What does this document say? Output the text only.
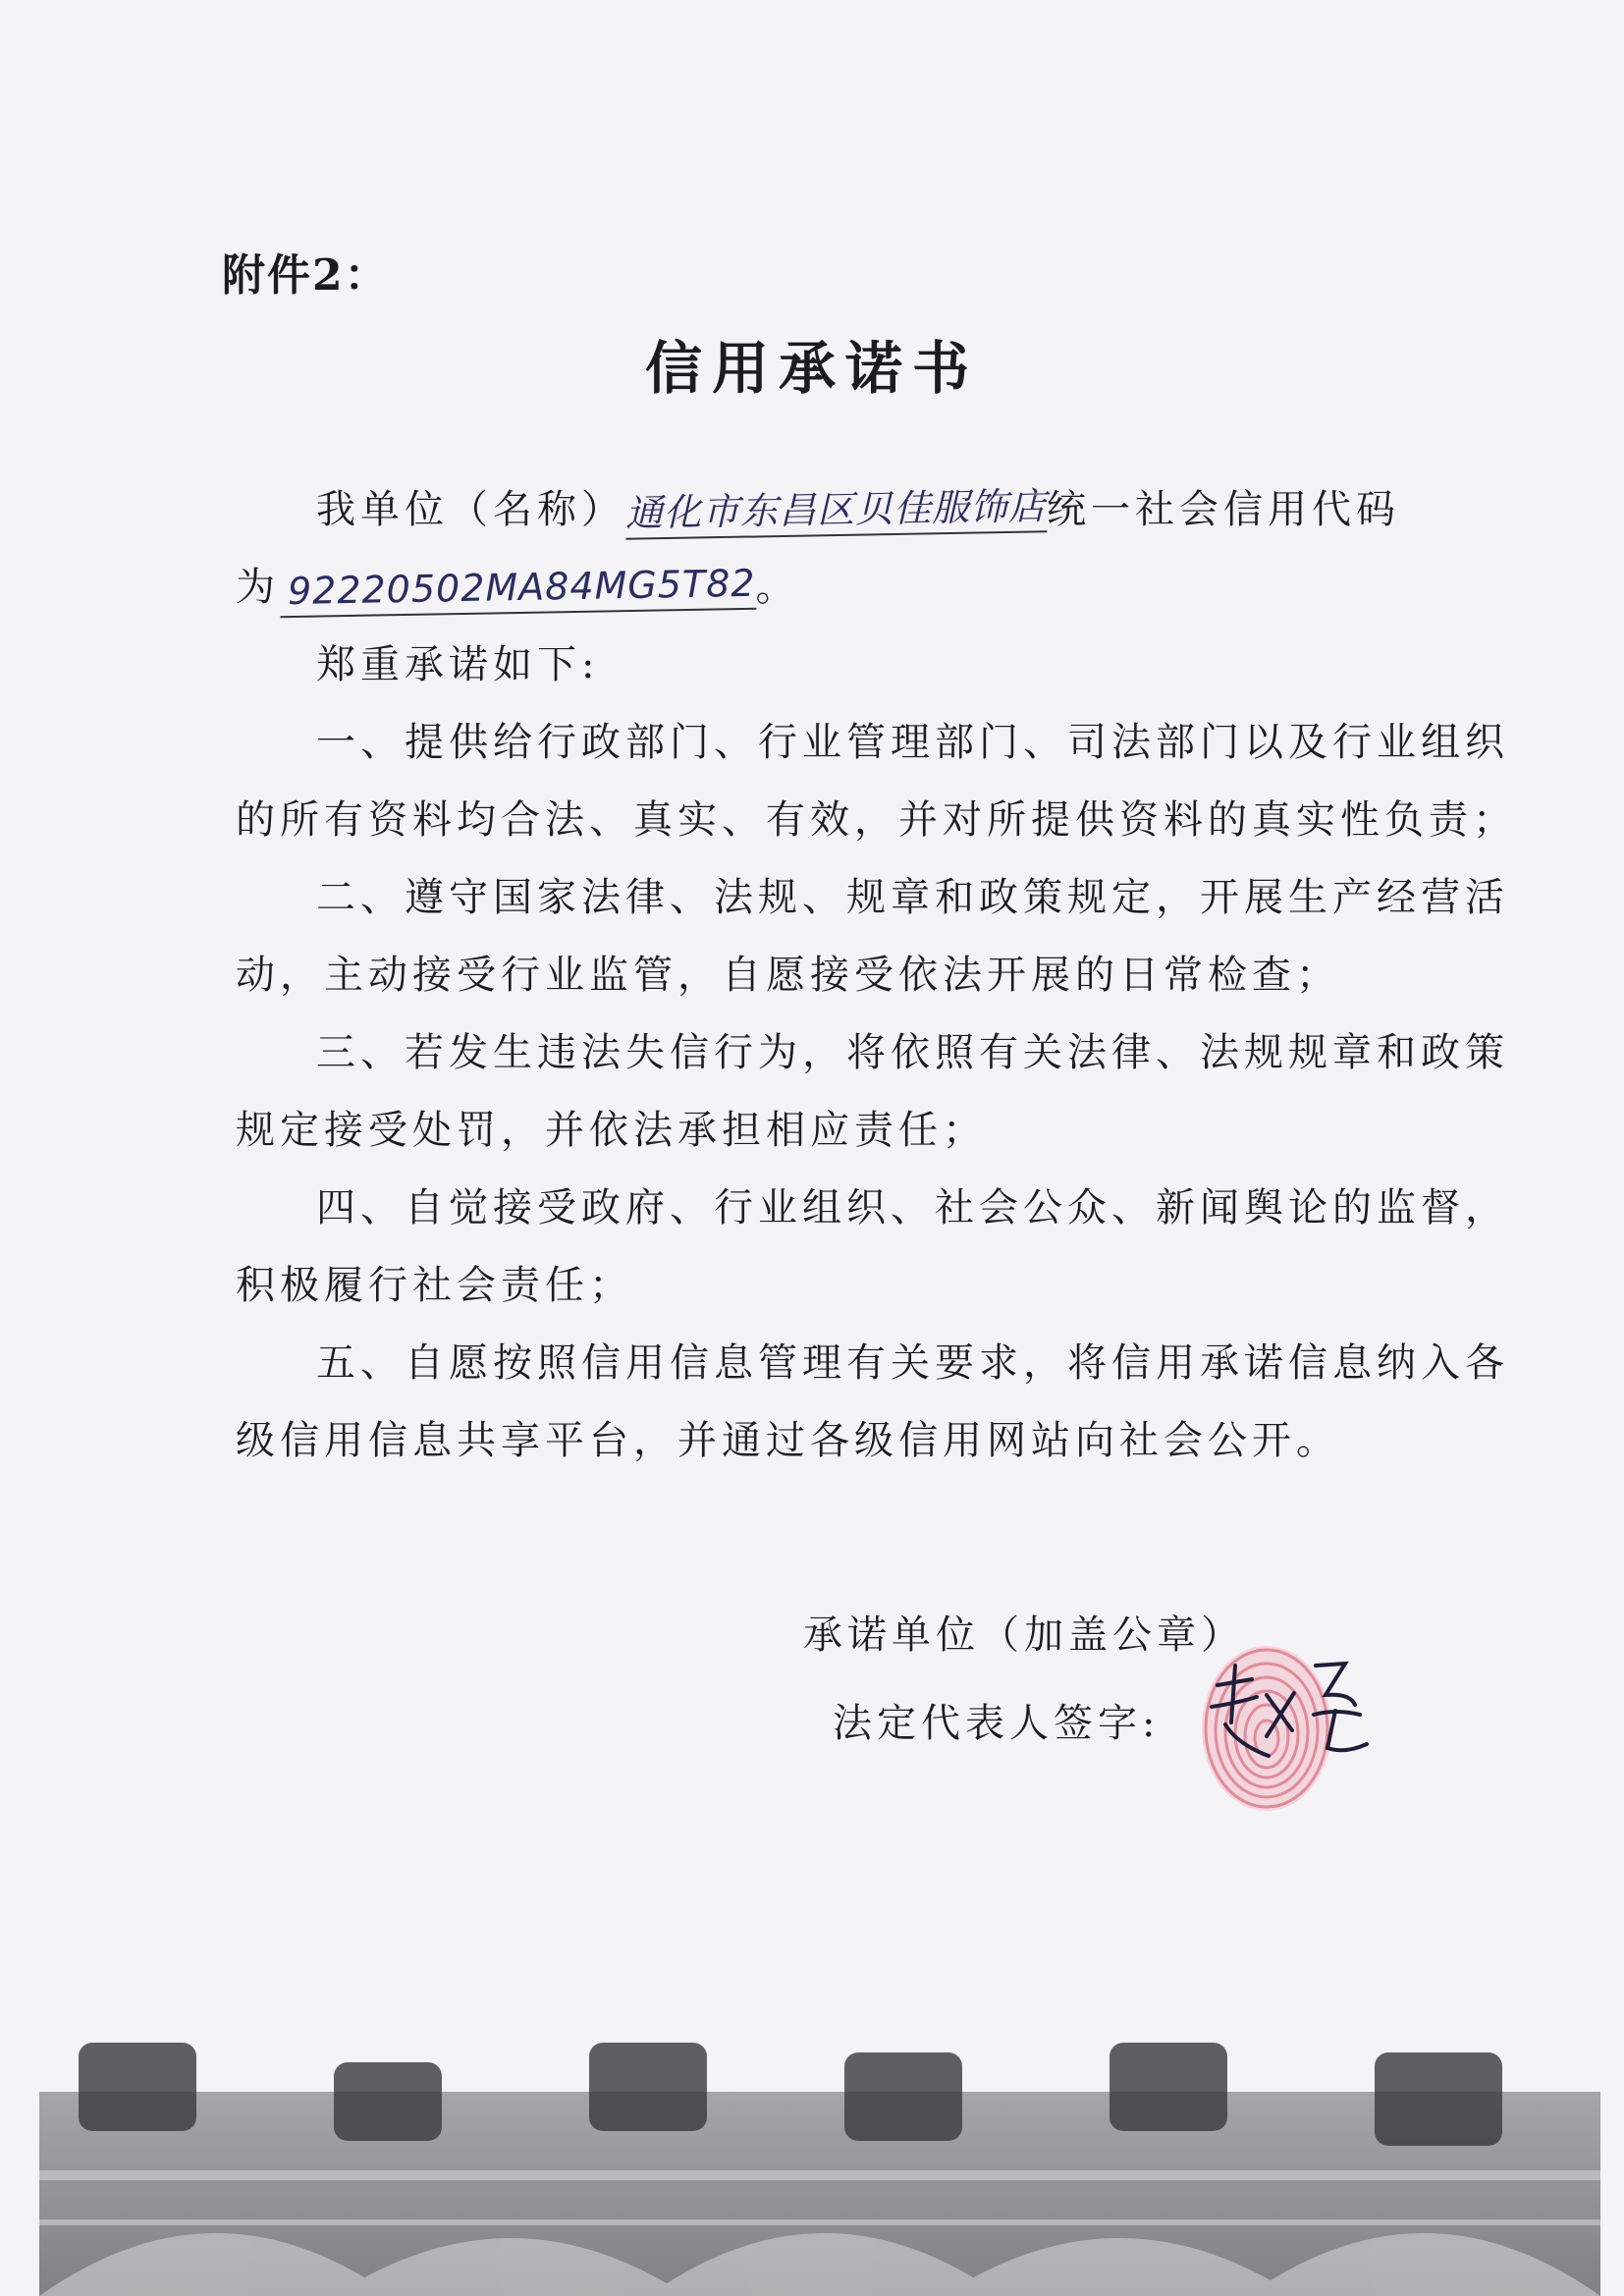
附件2：
信用承诺书
我单位（名称）通化市东昌区贝佳服饰店统一社会信用代码
为 92220502MA84MG5T82。
郑重承诺如下:
一、提供给行政部门、行业管理部门、司法部门以及行业组织
的所有资料均合法、真实、有效，并对所提供资料的真实性负责；
二、遵守国家法律、法规、规章和政策规定，开展生产经营活
动，主动接受行业监管，自愿接受依法开展的日常检查；
三、若发生违法失信行为，将依照有关法律、法规规章和政策
规定接受处罚，并依法承担相应责任；
四、自觉接受政府、行业组织、社会公众、新闻舆论的监督，
积极履行社会责任；
五、自愿按照信用信息管理有关要求，将信用承诺信息纳入各
级信用信息共享平台，并通过各级信用网站向社会公开。
承诺单位（加盖公章）
法定代表人签字:
